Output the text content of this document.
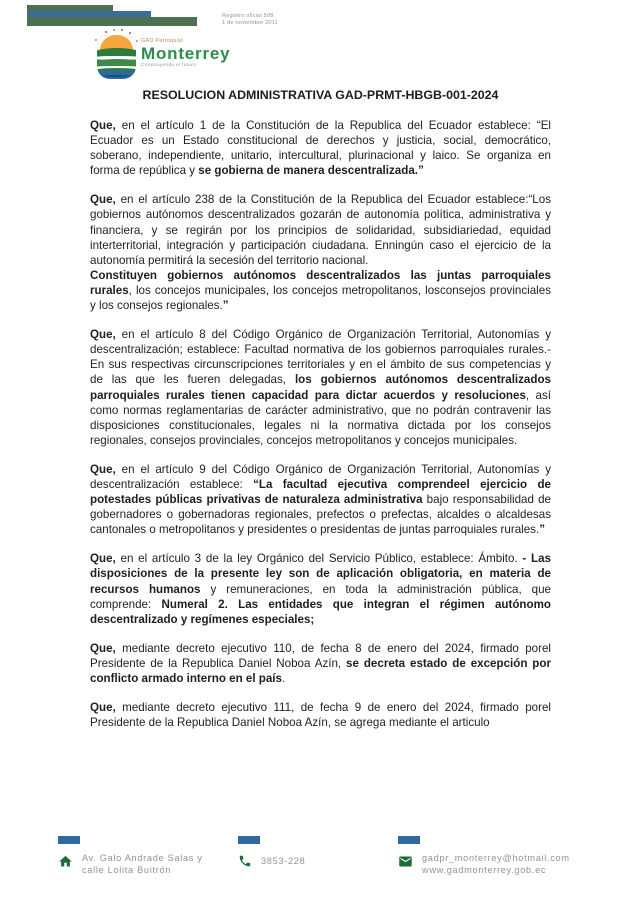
Registro oficial 508
1 de noviembre 2011
GAD Parroquial
Monterrey
Construyendo el futuro
RESOLUCION ADMINISTRATIVA GAD-PRMT-HBGB-001-2024

Que, en el artículo 1 de la Constitución de la Republica del Ecuador establece: “El Ecuador es un Estado constitucional de derechos y justicia, social, democrático, soberano, independiente, unitario, intercultural, plurinacional y laico. Se organiza en forma de república y se gobierna de manera descentralizada.”

Que, en el artículo 238 de la Constitución de la Republica del Ecuador establece:“Los gobiernos autónomos descentralizados gozarán de autonomía política, administrativa y financiera, y se regirán por los principios de solidaridad, subsidiariedad, equidad interterritorial, integración y participación ciudadana. Enningún caso el ejercicio de la autonomía permitirá la secesión del territorio nacional.
Constituyen gobiernos autónomos descentralizados las juntas parroquiales rurales, los concejos municipales, los concejos metropolitanos, losconsejos provinciales y los consejos regionales.”

Que, en el artículo 8 del Código Orgánico de Organización Territorial, Autonomías y descentralización; establece: Facultad normativa de los gobiernos parroquiales rurales.- En sus respectivas circunscripciones territoriales y en el ámbito de sus competencias y de las que les fueren delegadas, los gobiernos autónomos descentralizados parroquiales rurales tienen capacidad para dictar acuerdos y resoluciones, así como normas reglamentarias de carácter administrativo, que no podrán contravenir las disposiciones constitucionales, legales ni la normativa dictada por los consejos regionales, consejos provinciales, concejos metropolitanos y concejos municipales.

Que, en el artículo 9 del Código Orgánico de Organización Territorial, Autonomías y descentralización establece: “La facultad ejecutiva comprendeel ejercicio de potestades públicas privativas de naturaleza administrativa bajo responsabilidad de gobernadores o gobernadoras regionales, prefectos o prefectas, alcaldes o alcaldesas cantonales o metropolitanos y presidentes o presidentas de juntas parroquiales rurales.”

Que, en el artículo 3 de la ley Orgánico del Servicio Público, establece: Ámbito. - Las disposiciones de la presente ley son de aplicación obligatoria, en materia de recursos humanos y remuneraciones, en toda la administración pública, que comprende: Numeral 2. Las entidades que integran el régimen autónomo descentralizado y regímenes especiales;

Que, mediante decreto ejecutivo 110, de fecha 8 de enero del 2024, firmado porel Presidente de la Republica Daniel Noboa Azín, se decreta estado de excepción por conflicto armado interno en el país.

Que, mediante decreto ejecutivo 111, de fecha 9 de enero del 2024, firmado porel Presidente de la Republica Daniel Noboa Azín, se agrega mediante el articulo

Av. Galo Andrade Salas y
calle Lolita Buitrón
3853-228	gadpr_monterrey@hotmail.com
www.gadmonterrey.gob.ec
